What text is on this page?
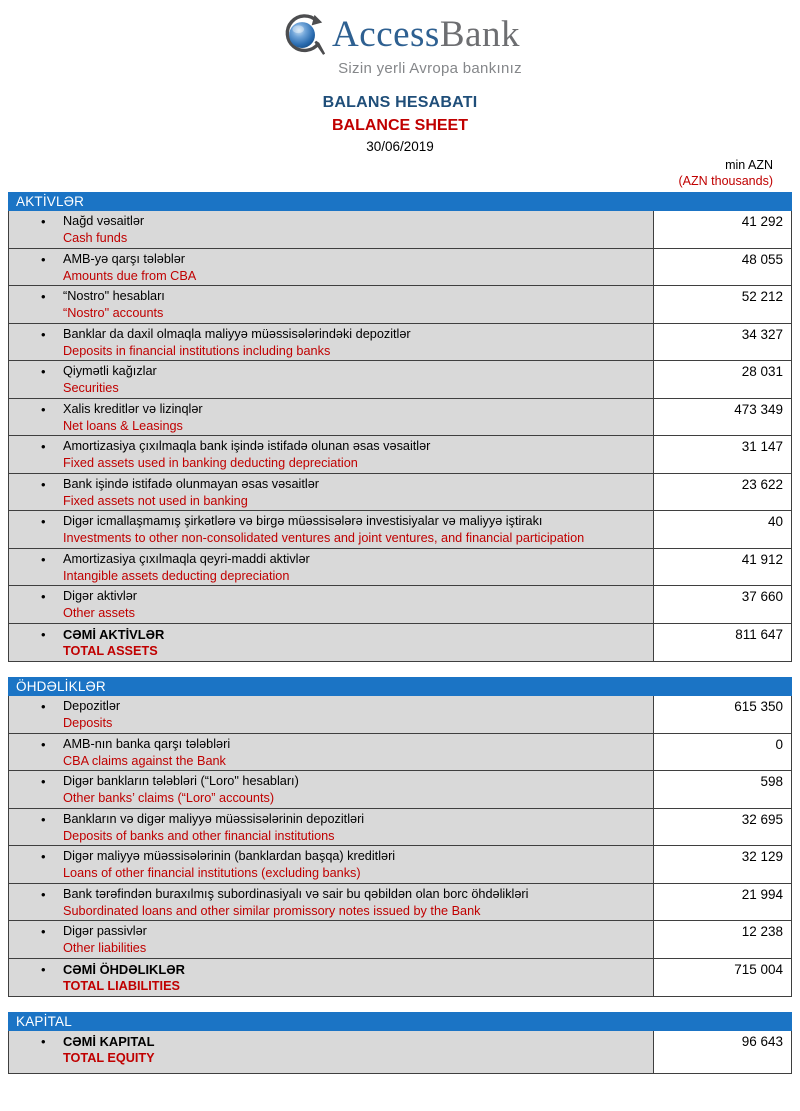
AccessBank
Sizin yerli Avropa bankınız
BALANS HESABATI
BALANCE SHEET
30/06/2019
min AZN
(AZN thousands)
AKTİVLƏR
•	Nağd vəsaitlər
Cash funds
41 292
•	AMB-yə qarşı tələblər
Amounts due from CBA
48 055
•	“Nostro" hesabları
“Nostro" accounts
52 212
•	Banklar da daxil olmaqla maliyyə müəssisələrindəki depozitlər
Deposits in financial institutions including banks
34 327
•	Qiymətli kağızlar
Securities
28 031
•	Xalis kreditlər və lizinqlər
Net loans & Leasings
473 349
•	Amortizasiya çıxılmaqla bank işində istifadə olunan əsas vəsaitlər
Fixed assets used in banking deducting depreciation
31 147
•	Bank işində istifadə olunmayan əsas vəsaitlər
Fixed assets not used in banking
23 622
•	Digər icmallaşmamış şirkətlərə və birgə müəssisələrə investisiyalar və maliyyə iştirakı
Investments to other non-consolidated ventures and joint ventures, and financial participation
40
•	Amortizasiya çıxılmaqla qeyri-maddi aktivlər
Intangible assets deducting depreciation
41 912
•	Digər aktivlər
Other assets
37 660
•	CƏMİ AKTİVLƏR
TOTAL ASSETS
811 647
ÖHDƏLİKLƏR
•	Depozitlər
Deposits
615 350
•	AMB-nın banka qarşı tələbləri
CBA claims against the Bank
0
•	Digər bankların tələbləri (“Loro" hesabları)
Other banks’ claims (“Loro” accounts)
598
•	Bankların və digər maliyyə müəssisələrinin depozitləri
Deposits of banks and other financial institutions
32 695
•	Digər maliyyə müəssisələrinin (banklardan başqa) kreditləri
Loans of other financial institutions (excluding banks)
32 129
•	Bank tərəfindən buraxılmış subordinasiyalı və sair bu qəbildən olan borc öhdəlikləri
Subordinated loans and other similar promissory notes issued by the Bank
21 994
•	Digər passivlər
Other liabilities
12 238
•	CƏMİ ÖHDƏLIKLƏR
TOTAL LIABILITIES
715 004
KAPİTAL
•	CƏMİ KAPITAL
TOTAL EQUITY
96 643
